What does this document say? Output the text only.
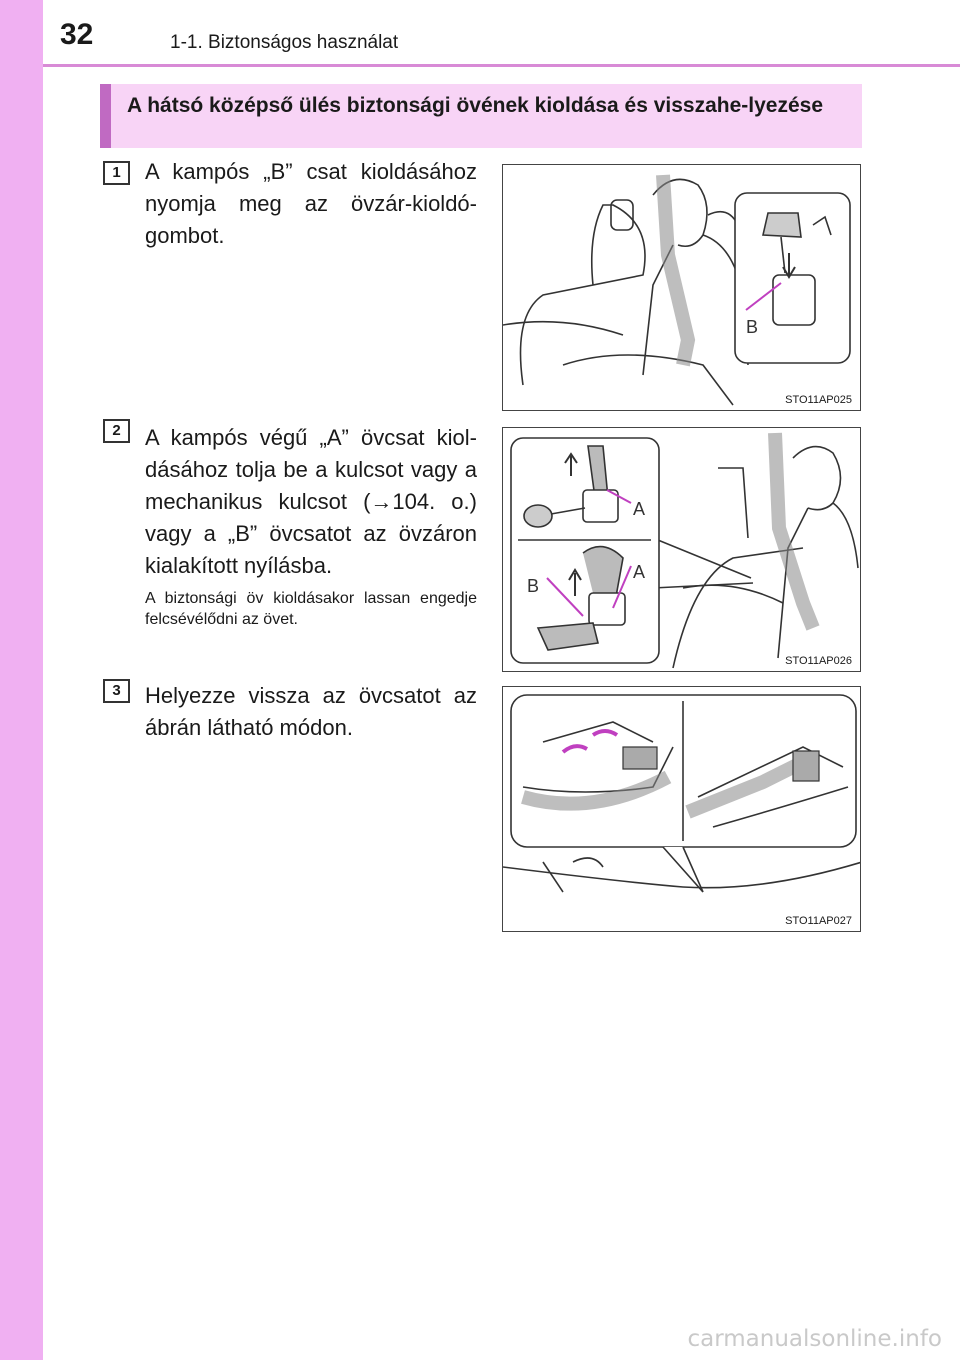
32	1-1. Biztonságos használat
A hátsó középső ülés biztonsági övének kioldása és visszahe-lyezése
1	A kampós „B” csat kioldásához nyomja meg az övzár-kioldó-gombot.
B
STO11AP025
2	A kampós végű „A” övcsat kiol-dásához tolja be a kulcsot vagy a mechanikus kulcsot (→104. o.) vagy a „B” övcsatot az övzáron kialakított nyílásba.
A biztonsági öv kioldásakor lassan engedje felcsévélődni az övet.
A
B
A
STO11AP026
3	Helyezze vissza az övcsatot az ábrán látható módon.
STO11AP027
carmanualsonline.info
